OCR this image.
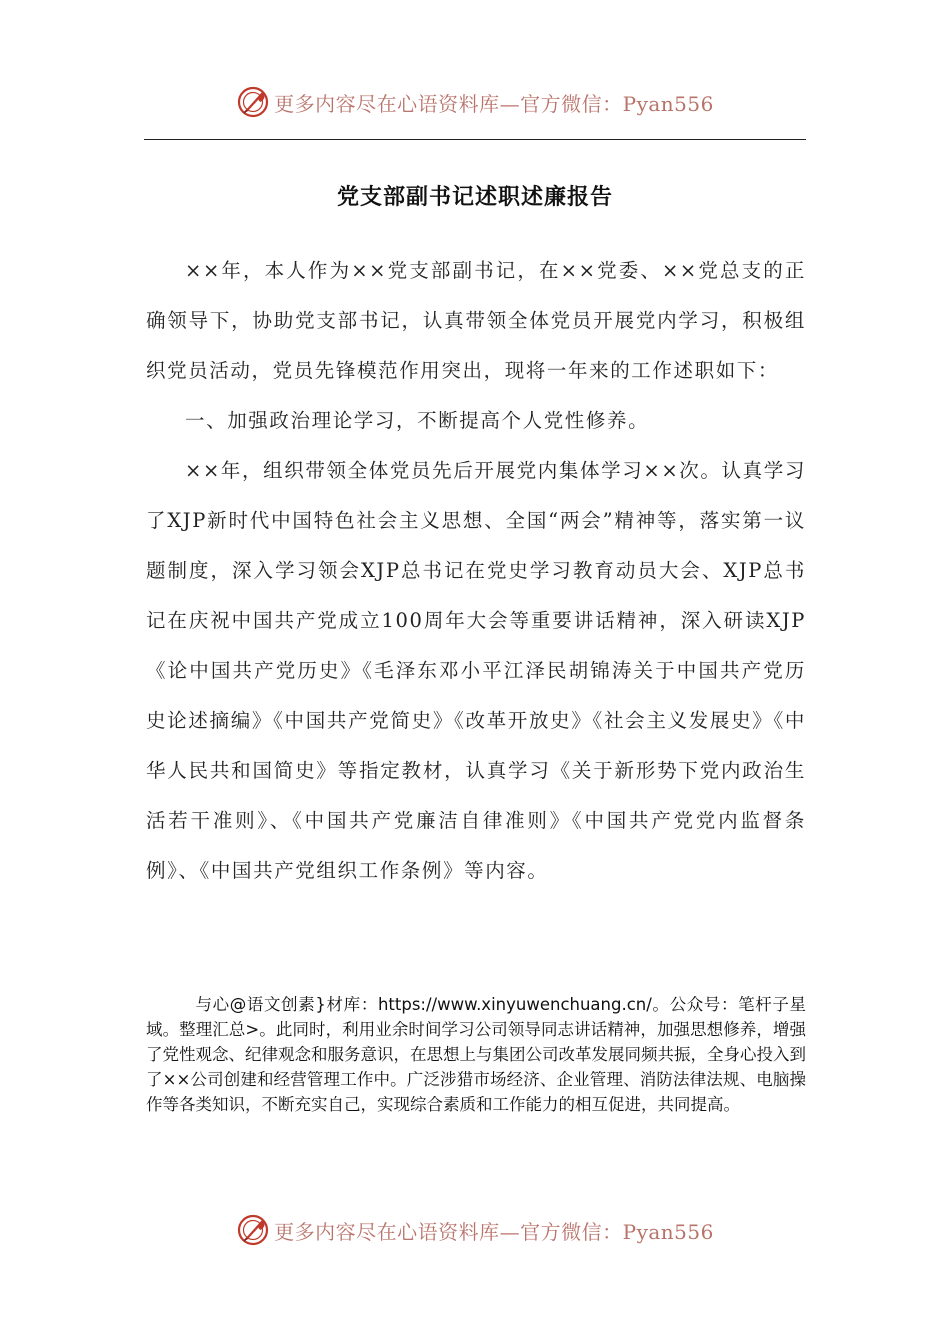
更多内容尽在心语资料库—官方微信：Pyan556
党支部副书记述职述廉报告

××年，本人作为××党支部副书记，在××党委、××党总支的正确领导下，协助党支部书记，认真带领全体党员开展党内学习，积极组织党员活动，党员先锋模范作用突出，现将一年来的工作述职如下：

一、加强政治理论学习，不断提高个人党性修养。

××年，组织带领全体党员先后开展党内集体学习××次。认真学习了XJP新时代中国特色社会主义思想、全国“两会”精神等，落实第一议题制度，深入学习领会XJP总书记在党史学习教育动员大会、XJP总书记在庆祝中国共产党成立100周年大会等重要讲话精神，深入研读XJP《论中国共产党历史》《毛泽东邓小平江泽民胡锦涛关于中国共产党历史论述摘编》《中国共产党简史》《改革开放史》《社会主义发展史》《中华人民共和国简史》等指定教材，认真学习《关于新形势下党内政治生活若干准则》、《中国共产党廉洁自律准则》《中国共产党党内监督条例》、《中国共产党组织工作条例》等内容。

与心@语文创素}材库：https://www.xinyuwenchuang.cn/。公众号：笔杆子星域。整理汇总>。此同时，利用业余时间学习公司领导同志讲话精神，加强思想修养，增强了党性观念、纪律观念和服务意识，在思想上与集团公司改革发展同频共振，全身心投入到了××公司创建和经营管理工作中。广泛涉猎市场经济、企业管理、消防法律法规、电脑操作等各类知识，不断充实自己，实现综合素质和工作能力的相互促进，共同提高。

更多内容尽在心语资料库—官方微信：Pyan556
